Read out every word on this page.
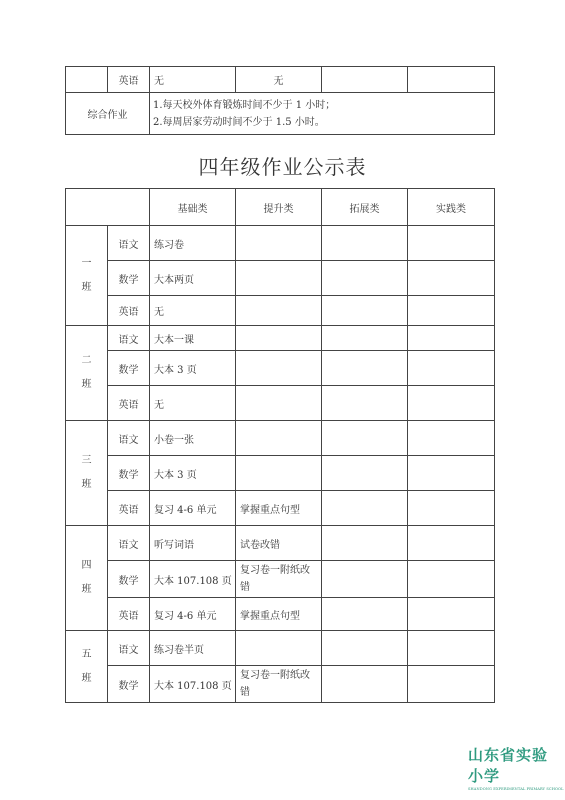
	英语	无	无		
综合作业		1.每天校外体育锻炼时间不少于 1 小时；
2.每周居家劳动时间不少于 1.5 小时。			
四年级作业公示表
		基础类	提升类	拓展类	实践类

一
班	语文	练习卷			
	数学	大本两页			
	英语	无			

二
班	语文	大本一课			
	数学	大本 3 页			
	英语	无			

三
班	语文	小卷一张			
	数学	大本 3 页			
	英语	复习 4-6 单元	掌握重点句型		

四
班	语文	听写词语	试卷改错		
	数学	大本 107.108 页	复习卷一附纸改
错		

	英语	复习 4-6 单元	掌握重点句型		

五
班	语文	练习卷半页			
	数学	大本 107.108 页	复习卷一附纸改
错		

山东省实验小学
SHANDONG EXPERIMENTAL PRIMARY SCHOOL
